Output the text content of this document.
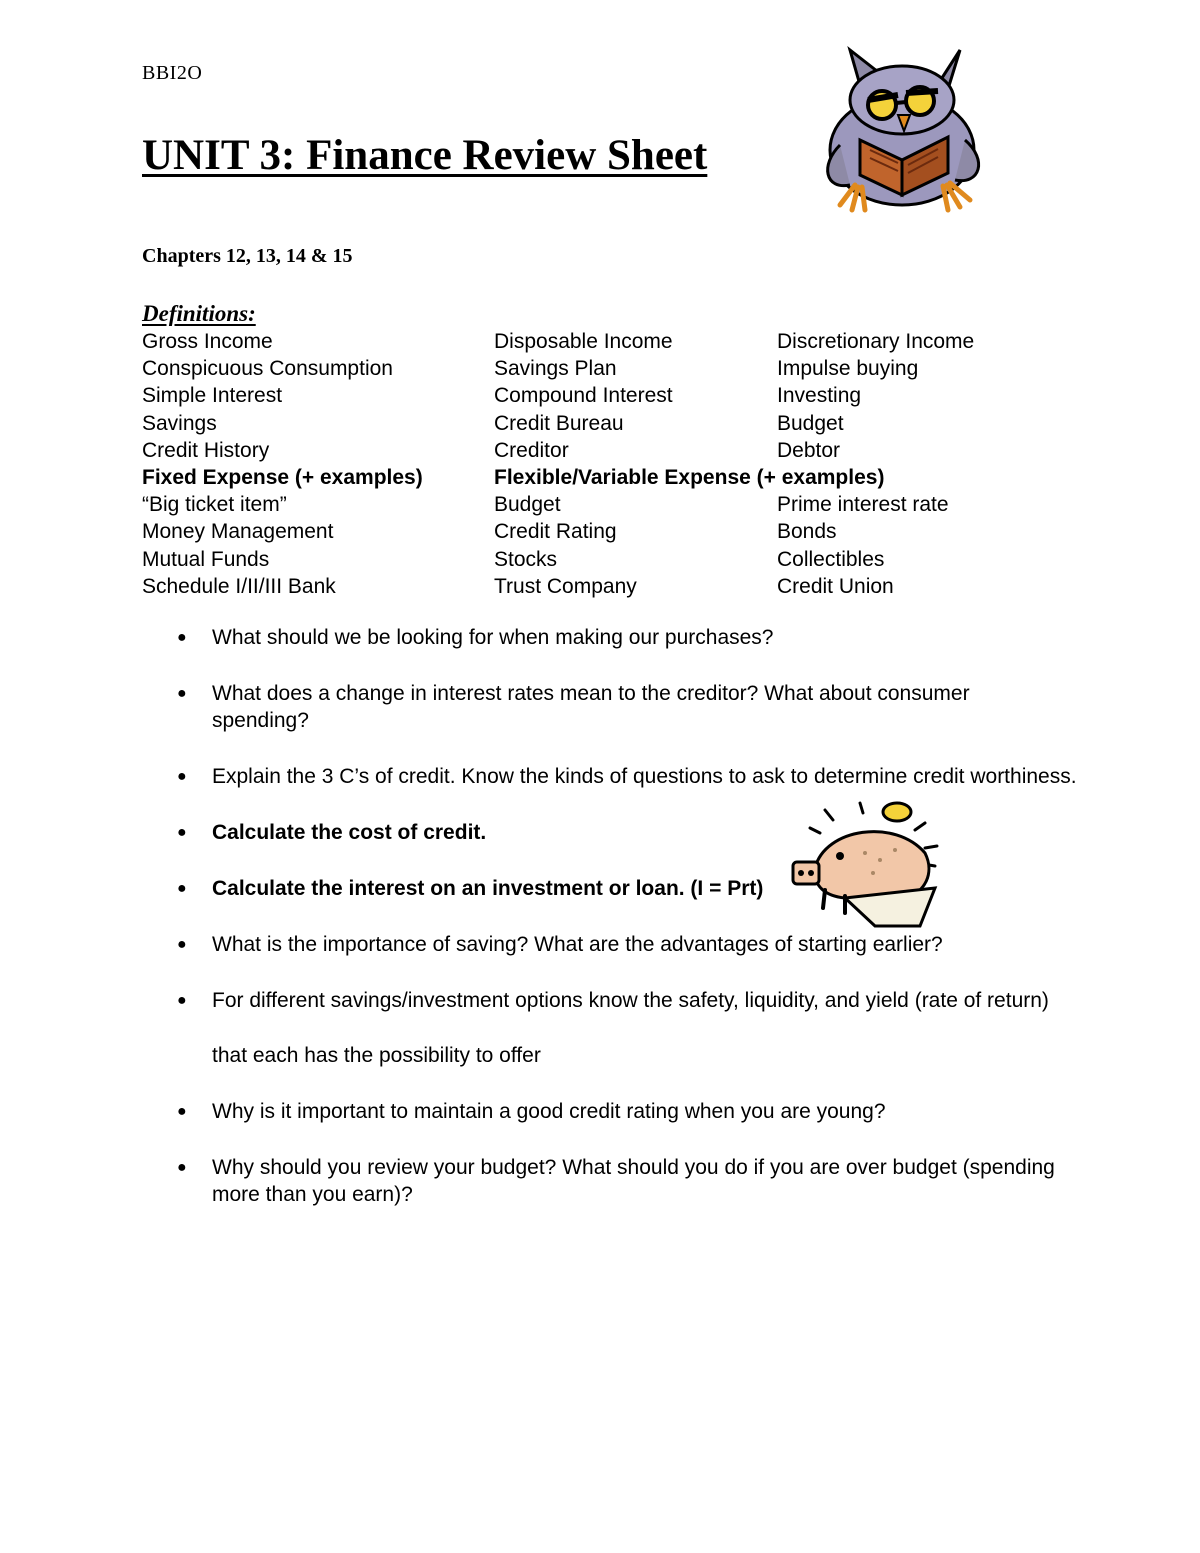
BBI2O
UNIT 3: Finance Review Sheet
Chapters 12, 13, 14 & 15
Definitions:
Gross Income	Disposable Income	Discretionary Income
Conspicuous Consumption	Savings Plan	Impulse buying
Simple Interest	Compound Interest	Investing
Savings	Credit Bureau	Budget
Credit History	Creditor	Debtor
Fixed Expense (+ examples)	Flexible/Variable Expense (+ examples)
“Big ticket item”	Budget	Prime interest rate
Money Management	Credit Rating	Bonds
Mutual Funds	Stocks	Collectibles
Schedule I/II/III Bank	Trust Company	Credit Union
● What should we be looking for when making our purchases?
● What does a change in interest rates mean to the creditor? What about consumer spending?
● Explain the 3 C’s of credit. Know the kinds of questions to ask to determine credit worthiness.
● Calculate the cost of credit.
● Calculate the interest on an investment or loan. (I = Prt)
● What is the importance of saving? What are the advantages of starting earlier?
● For different savings/investment options know the safety, liquidity, and yield (rate of return) that each has the possibility to offer
● Why is it important to maintain a good credit rating when you are young?
● Why should you review your budget? What should you do if you are over budget (spending more than you earn)?
